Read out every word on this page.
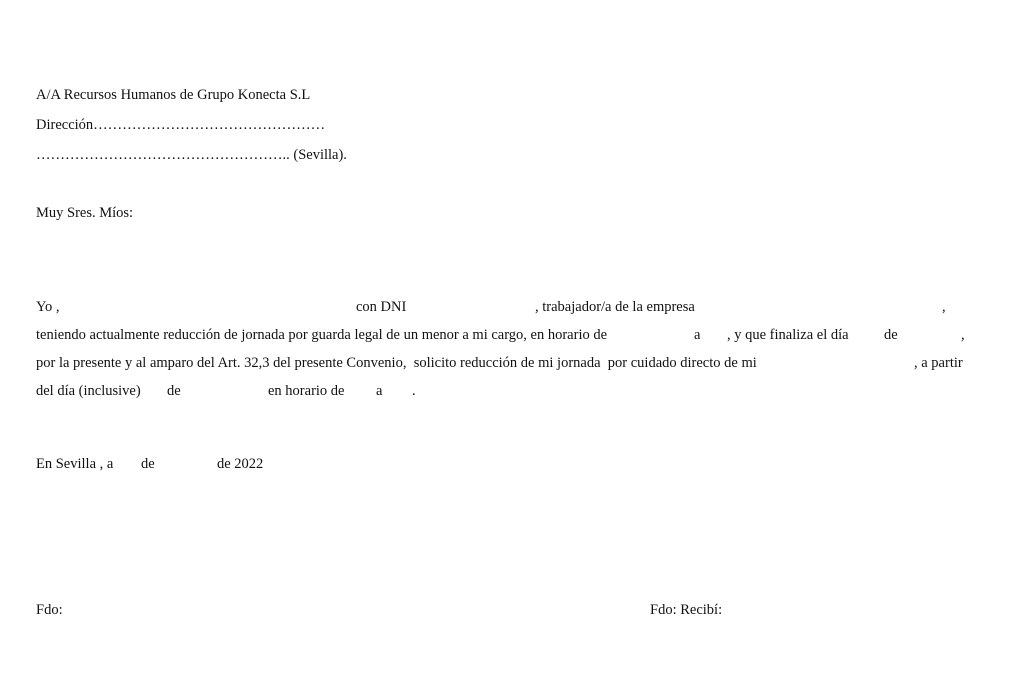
A/A Recursos Humanos de Grupo Konecta S.L
Dirección…………………………………………
…………………………………………….. (Sevilla).
Muy Sres. Míos:
Yo ,	con DNI	, trabajador/a de la empresa	,
teniendo actualmente reducción de jornada por guarda legal de un menor a mi cargo, en horario de	a , y que finaliza el día de	,
por la presente y al amparo del Art. 32,3 del presente Convenio,  solicito reducción de mi jornada  por cuidado directo de mi	, a partir
del día (inclusive) de	en horario de a .
En Sevilla , a de	de 2022
Fdo:	Fdo: Recibí:
